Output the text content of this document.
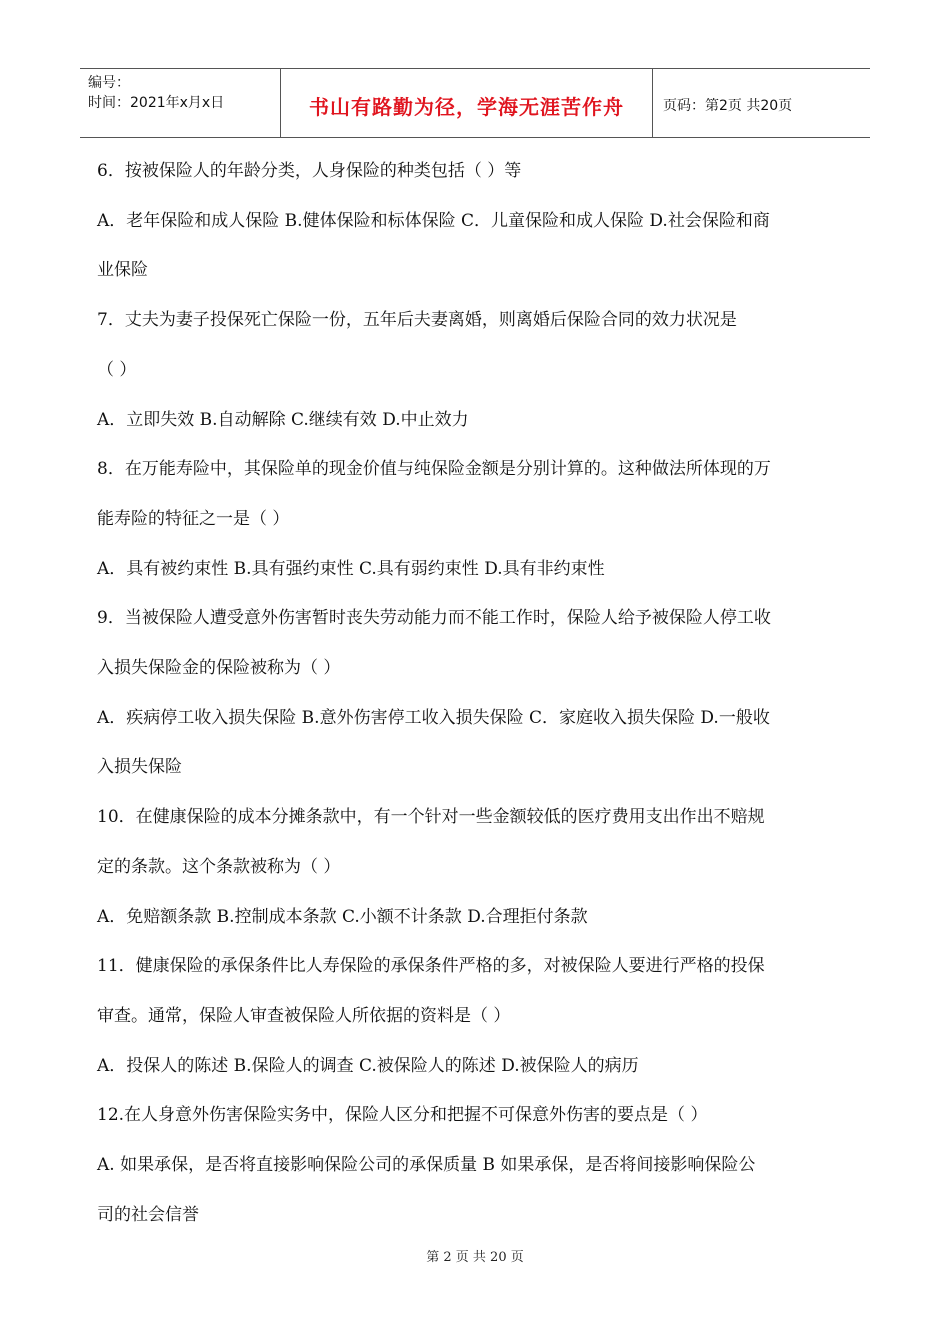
编号：
时间：2021年x月x日	书山有路勤为径，学海无涯苦作舟	页码：第2页 共20页

6．按被保险人的年龄分类，人身保险的种类包括（ ）等

A．老年保险和成人保险 B.健体保险和标体保险 C．儿童保险和成人保险 D.社会保险和商

业保险

7．丈夫为妻子投保死亡保险一份，五年后夫妻离婚，则离婚后保险合同的效力状况是

（ ）

A．立即失效 B.自动解除 C.继续有效 D.中止效力

8．在万能寿险中，其保险单的现金价值与纯保险金额是分别计算的。这种做法所体现的万

能寿险的特征之一是（ ）

A．具有被约束性 B.具有强约束性 C.具有弱约束性 D.具有非约束性

9．当被保险人遭受意外伤害暂时丧失劳动能力而不能工作时，保险人给予被保险人停工收

入损失保险金的保险被称为（ ）

A．疾病停工收入损失保险 B.意外伤害停工收入损失保险 C．家庭收入损失保险 D.一般收

入损失保险

10．在健康保险的成本分摊条款中，有一个针对一些金额较低的医疗费用支出作出不赔规

定的条款。这个条款被称为（ ）

A．免赔额条款 B.控制成本条款 C.小额不计条款 D.合理拒付条款

11．健康保险的承保条件比人寿保险的承保条件严格的多，对被保险人要进行严格的投保

审查。通常，保险人审查被保险人所依据的资料是（ ）

A．投保人的陈述 B.保险人的调查 C.被保险人的陈述 D.被保险人的病历

12.在人身意外伤害保险实务中，保险人区分和把握不可保意外伤害的要点是（ ）

A. 如果承保，是否将直接影响保险公司的承保质量 B 如果承保，是否将间接影响保险公

司的社会信誉

第 2 页 共 20 页
